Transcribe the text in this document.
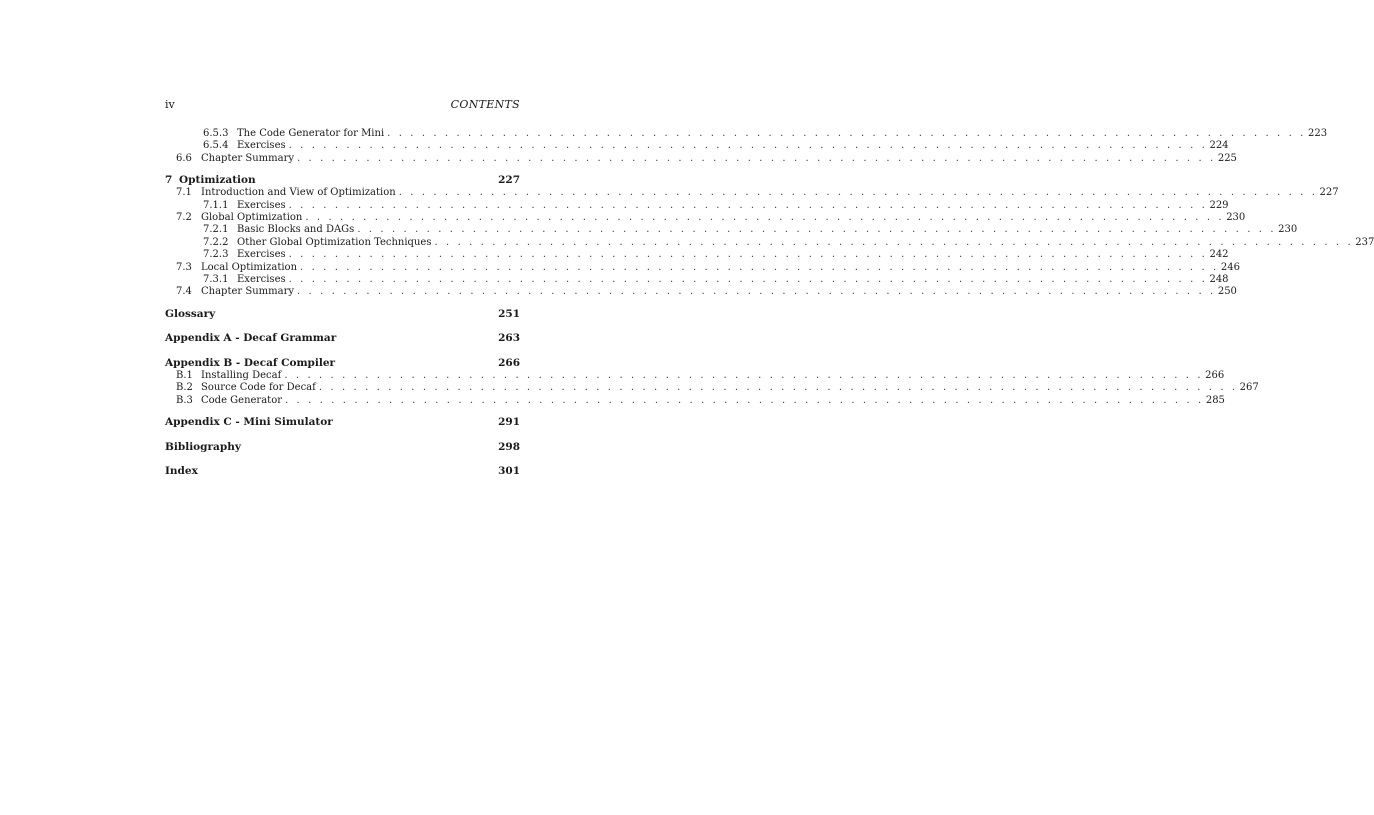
iv	CONTENTS
6.5.3 The Code Generator for Mini . . . . . . . . . . . . . . . . . . . . . . . . . . . . . . . . . . . . . . . . . . . . . . . . . . . . . . . . . . . . . . . . . . . . . . . . . . . . . . . . 223
6.5.4 Exercises . . . . . . . . . . . . . . . . . . . . . . . . . . . . . . . . . . . . . . . . . . . . . . . . . . . . . . . . . . . . . . . . . . . . . . . . . . . . . . . . 224
6.6 Chapter Summary . . . . . . . . . . . . . . . . . . . . . . . . . . . . . . . . . . . . . . . . . . . . . . . . . . . . . . . . . . . . . . . . . . . . . . . . . . . . . . . . 225
7 Optimization	227
7.1 Introduction and View of Optimization . . . . . . . . . . . . . . . . . . . . . . . . . . . . . . . . . . . . . . . . . . . . . . . . . . . . . . . . . . . . . . . . . . . . . . . . . . . . . . . . 227
7.1.1 Exercises . . . . . . . . . . . . . . . . . . . . . . . . . . . . . . . . . . . . . . . . . . . . . . . . . . . . . . . . . . . . . . . . . . . . . . . . . . . . . . . . 229
7.2 Global Optimization . . . . . . . . . . . . . . . . . . . . . . . . . . . . . . . . . . . . . . . . . . . . . . . . . . . . . . . . . . . . . . . . . . . . . . . . . . . . . . . . 230
7.2.1 Basic Blocks and DAGs . . . . . . . . . . . . . . . . . . . . . . . . . . . . . . . . . . . . . . . . . . . . . . . . . . . . . . . . . . . . . . . . . . . . . . . . . . . . . . . . 230
7.2.2 Other Global Optimization Techniques . . . . . . . . . . . . . . . . . . . . . . . . . . . . . . . . . . . . . . . . . . . . . . . . . . . . . . . . . . . . . . . . . . . . . . . . . . . . . . . . 237
7.2.3 Exercises . . . . . . . . . . . . . . . . . . . . . . . . . . . . . . . . . . . . . . . . . . . . . . . . . . . . . . . . . . . . . . . . . . . . . . . . . . . . . . . . 242
7.3 Local Optimization . . . . . . . . . . . . . . . . . . . . . . . . . . . . . . . . . . . . . . . . . . . . . . . . . . . . . . . . . . . . . . . . . . . . . . . . . . . . . . . . 246
7.3.1 Exercises . . . . . . . . . . . . . . . . . . . . . . . . . . . . . . . . . . . . . . . . . . . . . . . . . . . . . . . . . . . . . . . . . . . . . . . . . . . . . . . . 248
7.4 Chapter Summary . . . . . . . . . . . . . . . . . . . . . . . . . . . . . . . . . . . . . . . . . . . . . . . . . . . . . . . . . . . . . . . . . . . . . . . . . . . . . . . . 250
Glossary	251
Appendix A - Decaf Grammar	263
Appendix B - Decaf Compiler	266
B.1 Installing Decaf . . . . . . . . . . . . . . . . . . . . . . . . . . . . . . . . . . . . . . . . . . . . . . . . . . . . . . . . . . . . . . . . . . . . . . . . . . . . . . . . 266
B.2 Source Code for Decaf . . . . . . . . . . . . . . . . . . . . . . . . . . . . . . . . . . . . . . . . . . . . . . . . . . . . . . . . . . . . . . . . . . . . . . . . . . . . . . . . 267
B.3 Code Generator . . . . . . . . . . . . . . . . . . . . . . . . . . . . . . . . . . . . . . . . . . . . . . . . . . . . . . . . . . . . . . . . . . . . . . . . . . . . . . . . 285
Appendix C - Mini Simulator	291
Bibliography	298
Index	301
